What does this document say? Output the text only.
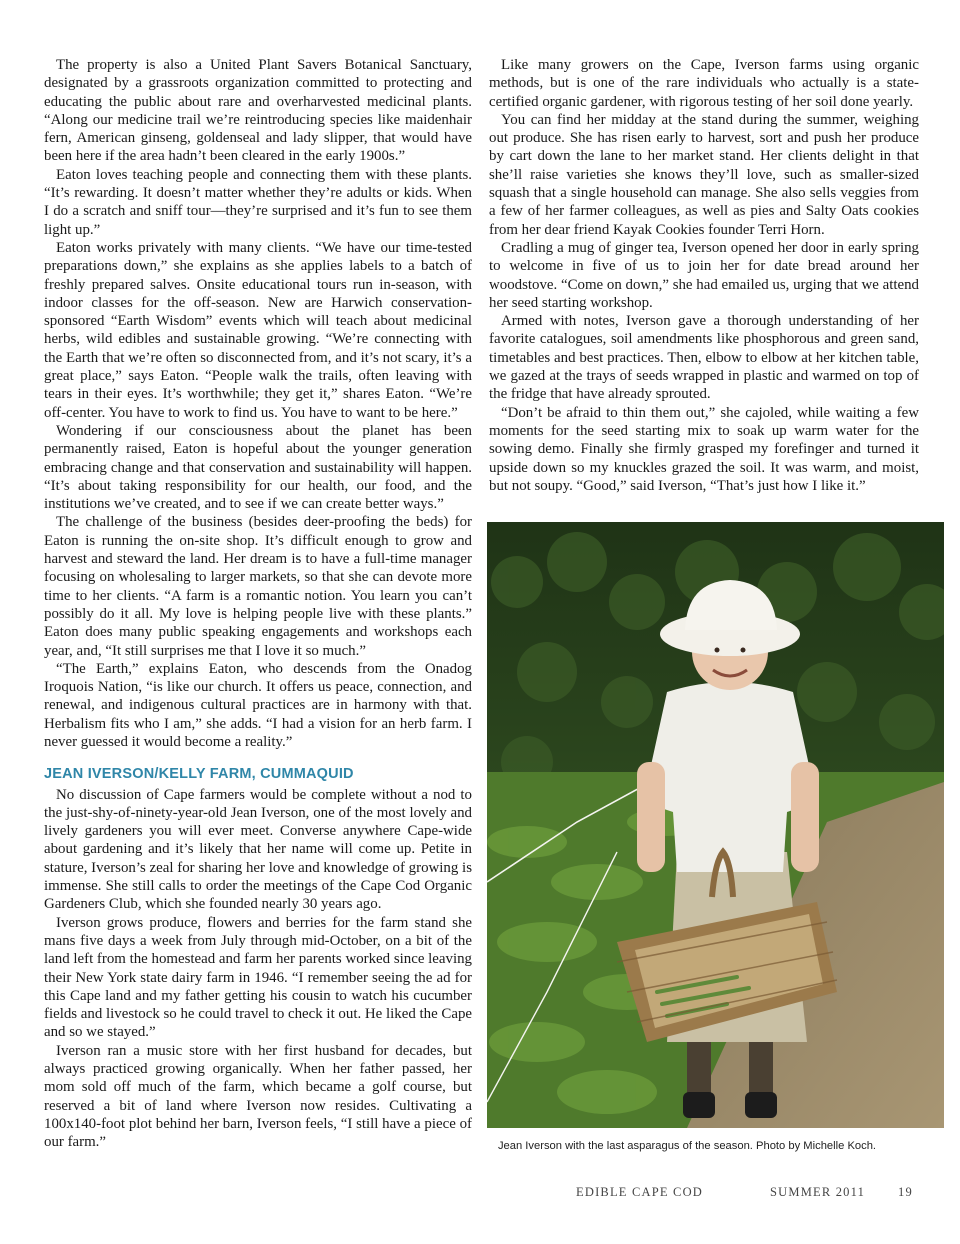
The property is also a United Plant Savers Botanical Sanctuary, designated by a grassroots organization committed to protecting and educating the public about rare and overharvested medicinal plants. “Along our medicine trail we’re reintroducing species like maidenhair fern, American ginseng, goldenseal and lady slipper, that would have been here if the area hadn’t been cleared in the early 1900s.”

Eaton loves teaching people and connecting them with these plants. “It’s rewarding. It doesn’t matter whether they’re adults or kids. When I do a scratch and sniff tour—they’re surprised and it’s fun to see them light up.”

Eaton works privately with many clients. “We have our time-tested preparations down,” she explains as she applies labels to a batch of freshly prepared salves. Onsite educational tours run in-season, with indoor classes for the off-season. New are Harwich conservation-sponsored “Earth Wisdom” events which will teach about medicinal herbs, wild edibles and sustainable growing. “We’re connecting with the Earth that we’re often so disconnected from, and it’s not scary, it’s a great place,” says Eaton. “People walk the trails, often leaving with tears in their eyes. It’s worthwhile; they get it,” shares Eaton. “We’re off-center. You have to work to find us. You have to want to be here.”

Wondering if our consciousness about the planet has been permanently raised, Eaton is hopeful about the younger generation embracing change and that conservation and sustainability will happen. “It’s about taking responsibility for our health, our food, and the institutions we’ve created, and to see if we can create better ways.”

The challenge of the business (besides deer-proofing the beds) for Eaton is running the on-site shop. It’s difficult enough to grow and harvest and steward the land. Her dream is to have a full-time manager focusing on wholesaling to larger markets, so that she can devote more time to her clients. “A farm is a romantic notion. You learn you can’t possibly do it all. My love is helping people live with these plants.” Eaton does many public speaking engagements and workshops each year, and, “It still surprises me that I love it so much.”

“The Earth,” explains Eaton, who descends from the Onadog Iroquois Nation, “is like our church. It offers us peace, connection, and renewal, and indigenous cultural practices are in harmony with that. Herbalism fits who I am,” she adds. “I had a vision for an herb farm. I never guessed it would become a reality.”

JEAN IVERSON/KELLY FARM, CUMMAQUID

No discussion of Cape farmers would be complete without a nod to the just-shy-of-ninety-year-old Jean Iverson, one of the most lovely and lively gardeners you will ever meet. Converse anywhere Cape-wide about gardening and it’s likely that her name will come up. Petite in stature, Iverson’s zeal for sharing her love and knowledge of growing is immense. She still calls to order the meetings of the Cape Cod Organic Gardeners Club, which she founded nearly 30 years ago.

Iverson grows produce, flowers and berries for the farm stand she mans five days a week from July through mid-October, on a bit of the land left from the homestead and farm her parents worked since leaving their New York state dairy farm in 1946. “I remember seeing the ad for this Cape land and my father getting his cousin to watch his cucumber fields and livestock so he could travel to check it out. He liked the Cape and so we stayed.”

Iverson ran a music store with her first husband for decades, but always practiced growing organically. When her father passed, her mom sold off much of the farm, which became a golf course, but reserved a bit of land where Iverson now resides. Cultivating a 100x140-foot plot behind her barn, Iverson feels, “I still have a piece of our farm.”

Like many growers on the Cape, Iverson farms using organic methods, but is one of the rare individuals who actually is a state-certified organic gardener, with rigorous testing of her soil done yearly.

You can find her midday at the stand during the summer, weighing out produce. She has risen early to harvest, sort and push her produce by cart down the lane to her market stand. Her clients delight in that she’ll raise varieties she knows they’ll love, such as smaller-sized squash that a single household can manage. She also sells veggies from a few of her farmer colleagues, as well as pies and Salty Oats cookies from her dear friend Kayak Cookies founder Terri Horn.

Cradling a mug of ginger tea, Iverson opened her door in early spring to welcome in five of us to join her for date bread around her woodstove. “Come on down,” she had emailed us, urging that we attend her seed starting workshop.

Armed with notes, Iverson gave a thorough understanding of her favorite catalogues, soil amendments like phosphorous and green sand, timetables and best practices. Then, elbow to elbow at her kitchen table, we gazed at the trays of seeds wrapped in plastic and warmed on top of the fridge that have already sprouted.

“Don’t be afraid to thin them out,” she cajoled, while waiting a few moments for the seed starting mix to soak up warm water for the sowing demo. Finally she firmly grasped my forefinger and turned it upside down so my knuckles grazed the soil. It was warm, and moist, but not soupy. “Good,” said Iverson, “That’s just how I like it.”

Jean Iverson with the last asparagus of the season. Photo by Michelle Koch.
EDIBLE CAPE COD	SUMMER 2011	19
